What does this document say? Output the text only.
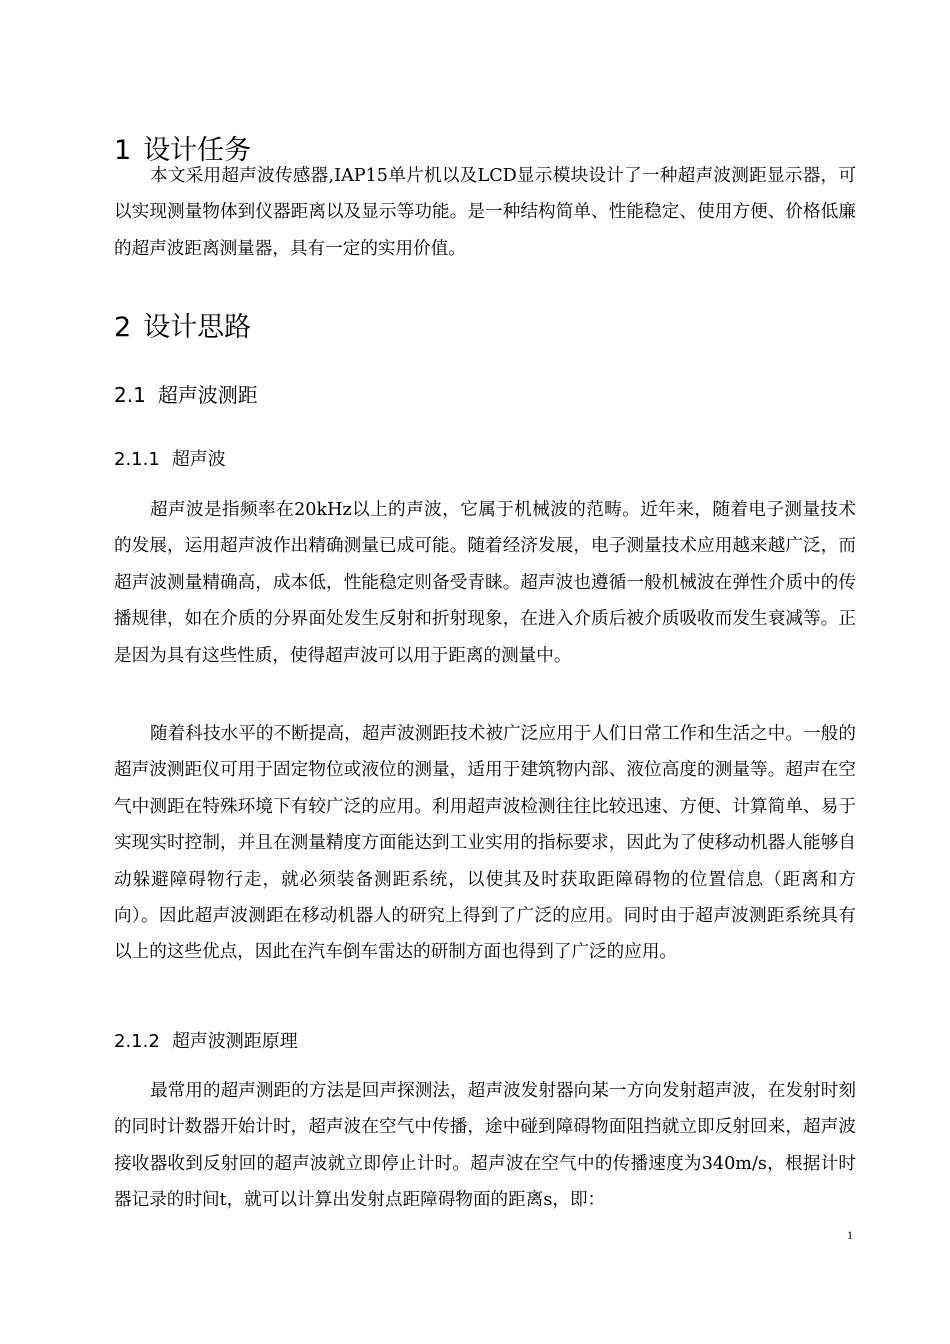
1 设计任务

本文采用超声波传感器,IAP15单片机以及LCD显示模块设计了一种超声波测距显示器，可以实现测量物体到仪器距离以及显示等功能。是一种结构简单、性能稳定、使用方便、价格低廉的超声波距离测量器，具有一定的实用价值。

2 设计思路
2.1 超声波测距
2.1.1 超声波

超声波是指频率在20kHz以上的声波，它属于机械波的范畴。近年来，随着电子测量技术的发展，运用超声波作出精确测量已成可能。随着经济发展，电子测量技术应用越来越广泛，而超声波测量精确高，成本低，性能稳定则备受青睐。超声波也遵循一般机械波在弹性介质中的传播规律，如在介质的分界面处发生反射和折射现象，在进入介质后被介质吸收而发生衰减等。正是因为具有这些性质，使得超声波可以用于距离的测量中。

随着科技水平的不断提高，超声波测距技术被广泛应用于人们日常工作和生活之中。一般的超声波测距仪可用于固定物位或液位的测量，适用于建筑物内部、液位高度的测量等。超声在空气中测距在特殊环境下有较广泛的应用。利用超声波检测往往比较迅速、方便、计算简单、易于实现实时控制，并且在测量精度方面能达到工业实用的指标要求，因此为了使移动机器人能够自动躲避障碍物行走，就必须装备测距系统，以使其及时获取距障碍物的位置信息（距离和方向）。因此超声波测距在移动机器人的研究上得到了广泛的应用。同时由于超声波测距系统具有以上的这些优点，因此在汽车倒车雷达的研制方面也得到了广泛的应用。

2.1.2 超声波测距原理

最常用的超声测距的方法是回声探测法，超声波发射器向某一方向发射超声波，在发射时刻的同时计数器开始计时，超声波在空气中传播，途中碰到障碍物面阻挡就立即反射回来，超声波接收器收到反射回的超声波就立即停止计时。超声波在空气中的传播速度为340m/s，根据计时器记录的时间t，就可以计算出发射点距障碍物面的距离s，即：

1
